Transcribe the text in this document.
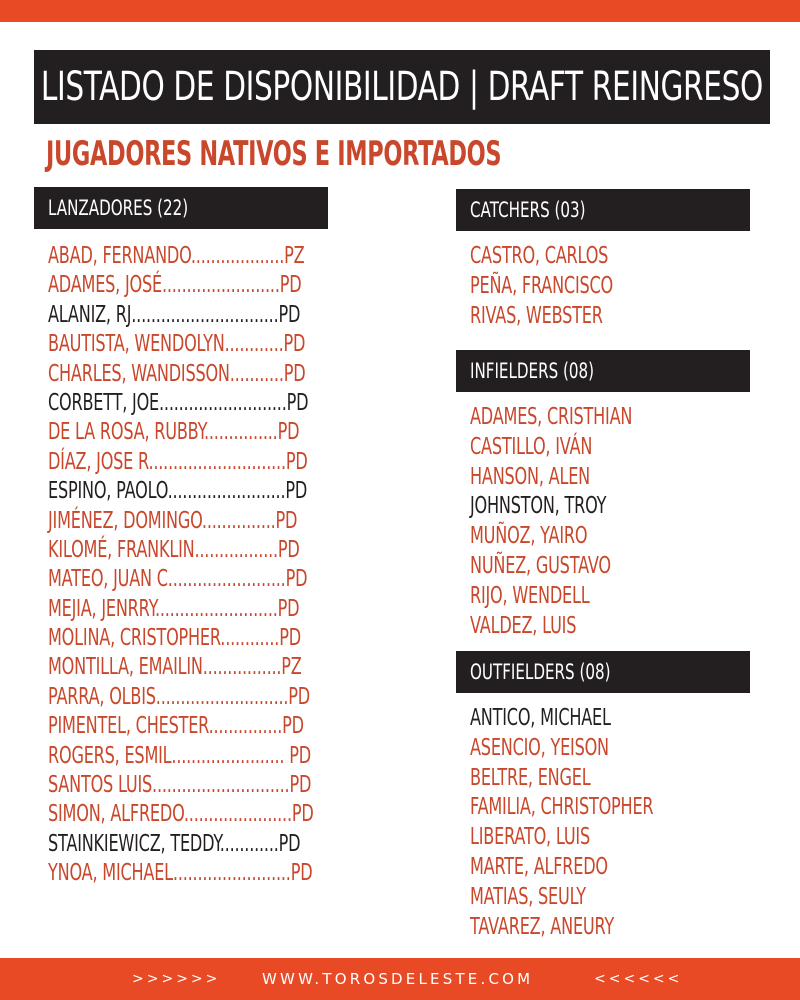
LISTADO DE DISPONIBILIDAD | DRAFT REINGRESO
JUGADORES NATIVOS E IMPORTADOS
LANZADORES (22)
ABAD, FERNANDO...................PZ
ADAMES, JOSÉ........................PD
ALANIZ, RJ..............................PD
BAUTISTA, WENDOLYN............PD
CHARLES, WANDISSON...........PD
CORBETT, JOE..........................PD
DE LA ROSA, RUBBY...............PD
DÍAZ, JOSE R............................PD
ESPINO, PAOLO........................PD
JIMÉNEZ, DOMINGO...............PD
KILOMÉ, FRANKLIN.................PD
MATEO, JUAN C........................PD
MEJIA, JENRRY.........................PD
MOLINA, CRISTOPHER............PD
MONTILLA, EMAILIN................PZ
PARRA, OLBIS...........................PD
PIMENTEL, CHESTER...............PD
ROGERS, ESMIL....................... PD
SANTOS LUIS............................PD
SIMON, ALFREDO......................PD
STAINKIEWICZ, TEDDY............PD
YNOA, MICHAEL........................PD
CATCHERS (03)
CASTRO, CARLOS
PEÑA, FRANCISCO
RIVAS, WEBSTER
INFIELDERS (08)
ADAMES, CRISTHIAN
CASTILLO, IVÁN
HANSON, ALEN
JOHNSTON, TROY
MUÑOZ, YAIRO
NUÑEZ, GUSTAVO
RIJO, WENDELL
VALDEZ, LUIS
OUTFIELDERS (08)
ANTICO, MICHAEL
ASENCIO, YEISON
BELTRE, ENGEL
FAMILIA, CHRISTOPHER
LIBERATO, LUIS
MARTE, ALFREDO
MATIAS, SEULY
TAVAREZ, ANEURY
>>>>>>	WWW.TOROSDELESTE.COM	<<<<<<
